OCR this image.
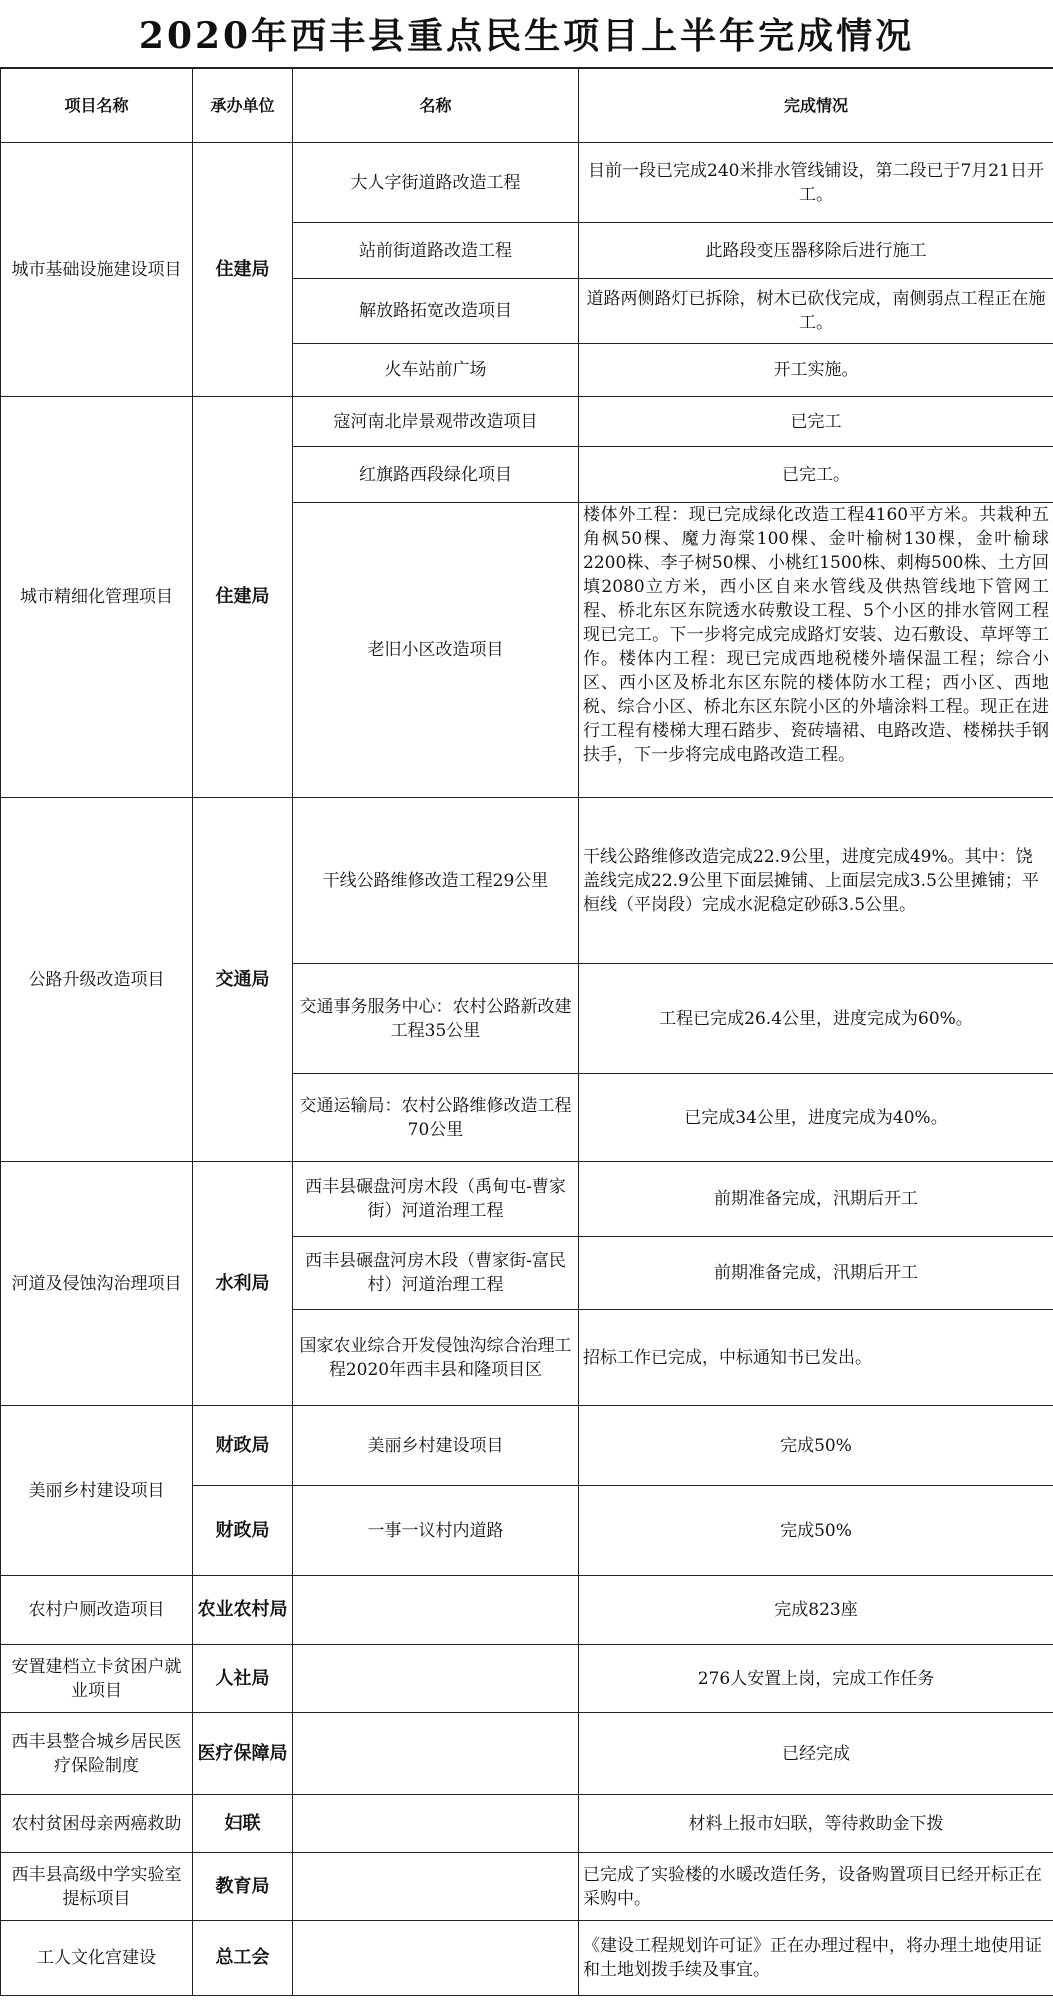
2020年西丰县重点民生项目上半年完成情况
项目名称	承办单位	名称	完成情况
城市基础设施建设项目	住建局	大人字街道路改造工程	目前一段已完成240米排水管线铺设，第二段已于7月21日开工。
		站前街道路改造工程	此路段变压器移除后进行施工
		解放路拓宽改造项目	道路两侧路灯已拆除，树木已砍伐完成，南侧弱点工程正在施工。
		火车站前广场	开工实施。
城市精细化管理项目	住建局	寇河南北岸景观带改造项目	已完工
		红旗路西段绿化项目	已完工。
		老旧小区改造项目	楼体外工程：现已完成绿化改造工程4160平方米。共栽种五角枫50棵、魔力海棠100棵、金叶榆树130棵，金叶榆球2200株、李子树50棵、小桃红1500株、刺梅500株、土方回填2080立方米，西小区自来水管线及供热管线地下管网工程、桥北东区东院透水砖敷设工程、5个小区的排水管网工程现已完工。下一步将完成完成路灯安装、边石敷设、草坪等工作。楼体内工程：现已完成西地税楼外墙保温工程；综合小区、西小区及桥北东区东院的楼体防水工程；西小区、西地税、综合小区、桥北东区东院小区的外墙涂料工程。现正在进行工程有楼梯大理石踏步、瓷砖墙裙、电路改造、楼梯扶手钢扶手，下一步将完成电路改造工程。

公路升级改造项目	交通局	干线公路维修改造工程29公里	干线公路维修改造完成22.9公里，进度完成49%。其中：饶盖线完成22.9公里下面层摊铺、上面层完成3.5公里摊铺；平桓线（平岗段）完成水泥稳定砂砾3.5公里。
		交通事务服务中心：农村公路新改建工程35公里	工程已完成26.4公里，进度完成为60%。
		交通运输局：农村公路维修改造工程70公里	已完成34公里，进度完成为40%。
河道及侵蚀沟治理项目	水利局	西丰县碾盘河房木段（禹甸屯-曹家街）河道治理工程	前期准备完成，汛期后开工
		西丰县碾盘河房木段（曹家街-富民村）河道治理工程	前期准备完成，汛期后开工
		国家农业综合开发侵蚀沟综合治理工程2020年西丰县和隆项目区	招标工作已完成，中标通知书已发出。
美丽乡村建设项目	财政局	美丽乡村建设项目	完成50%
	财政局	一事一议村内道路	完成50%
农村户厕改造项目	农业农村局		完成823座
安置建档立卡贫困户就业项目	人社局		276人安置上岗，完成工作任务
西丰县整合城乡居民医疗保险制度	医疗保障局		已经完成
农村贫困母亲两癌救助	妇联		材料上报市妇联，等待救助金下拨
西丰县高级中学实验室提标项目	教育局		已完成了实验楼的水暖改造任务，设备购置项目已经开标正在采购中。
工人文化宫建设	总工会		《建设工程规划许可证》正在办理过程中，将办理土地使用证和土地划拨手续及事宜。
